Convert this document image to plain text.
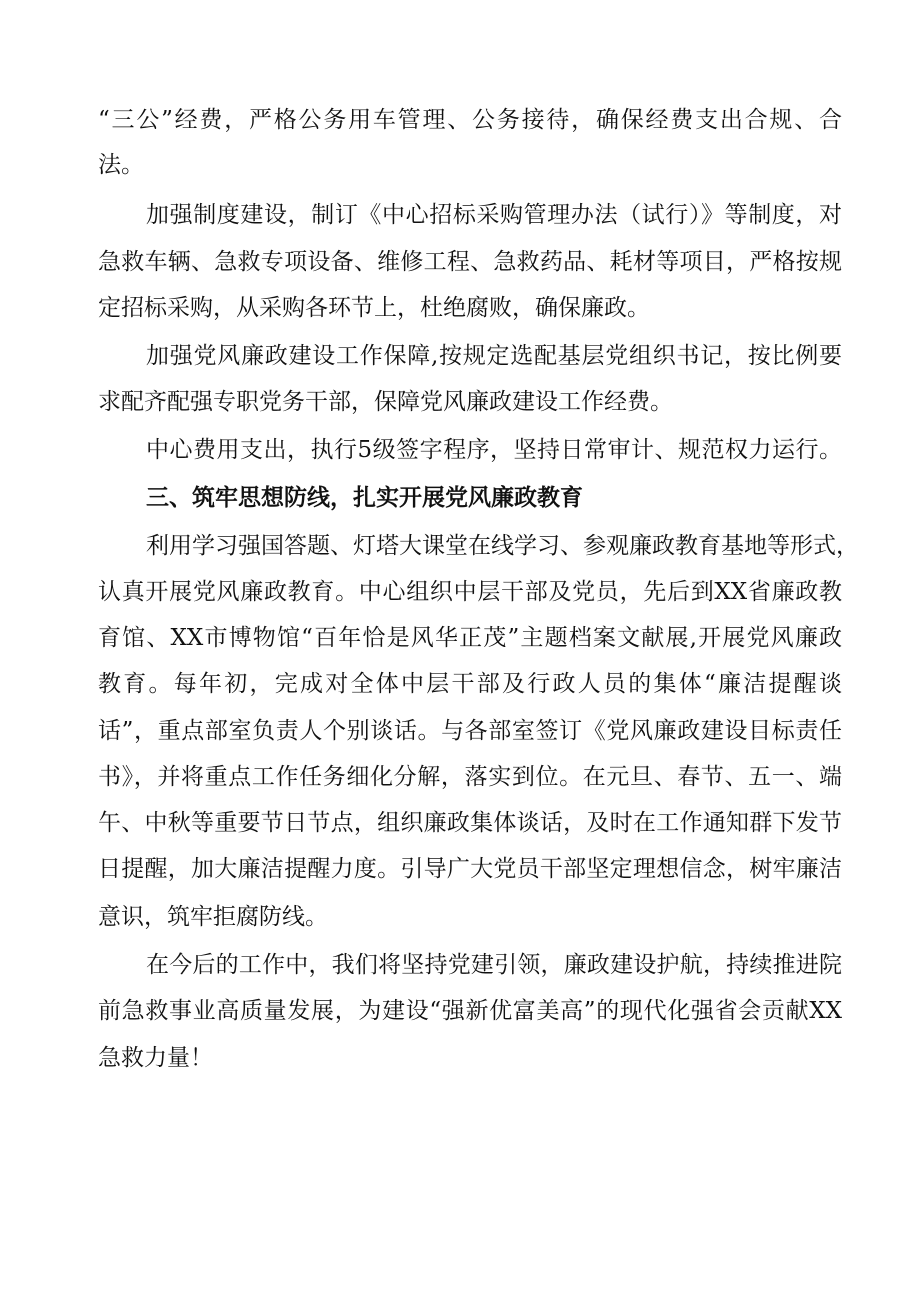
“三公”经费，严格公务用车管理、公务接待，确保经费支出合规、合
法。
加强制度建设，制订《中心招标采购管理办法（试行）》等制度，对
急救车辆、急救专项设备、维修工程、急救药品、耗材等项目，严格按规
定招标采购，从采购各环节上，杜绝腐败，确保廉政。
加强党风廉政建设工作保障,按规定选配基层党组织书记，按比例要
求配齐配强专职党务干部，保障党风廉政建设工作经费。
中心费用支出，执行5级签字程序，坚持日常审计、规范权力运行。
三、筑牢思想防线，扎实开展党风廉政教育
利用学习强国答题、灯塔大课堂在线学习、参观廉政教育基地等形式，
认真开展党风廉政教育。中心组织中层干部及党员，先后到XX省廉政教
育馆、XX市博物馆“百年恰是风华正茂”主题档案文献展,开展党风廉政
教育。每年初，完成对全体中层干部及行政人员的集体“廉洁提醒谈
话”，重点部室负责人个别谈话。与各部室签订《党风廉政建设目标责任
书》，并将重点工作任务细化分解，落实到位。在元旦、春节、五一、端
午、中秋等重要节日节点，组织廉政集体谈话，及时在工作通知群下发节
日提醒，加大廉洁提醒力度。引导广大党员干部坚定理想信念，树牢廉洁
意识，筑牢拒腐防线。
在今后的工作中，我们将坚持党建引领，廉政建设护航，持续推进院
前急救事业高质量发展，为建设“强新优富美高”的现代化强省会贡献XX
急救力量！
